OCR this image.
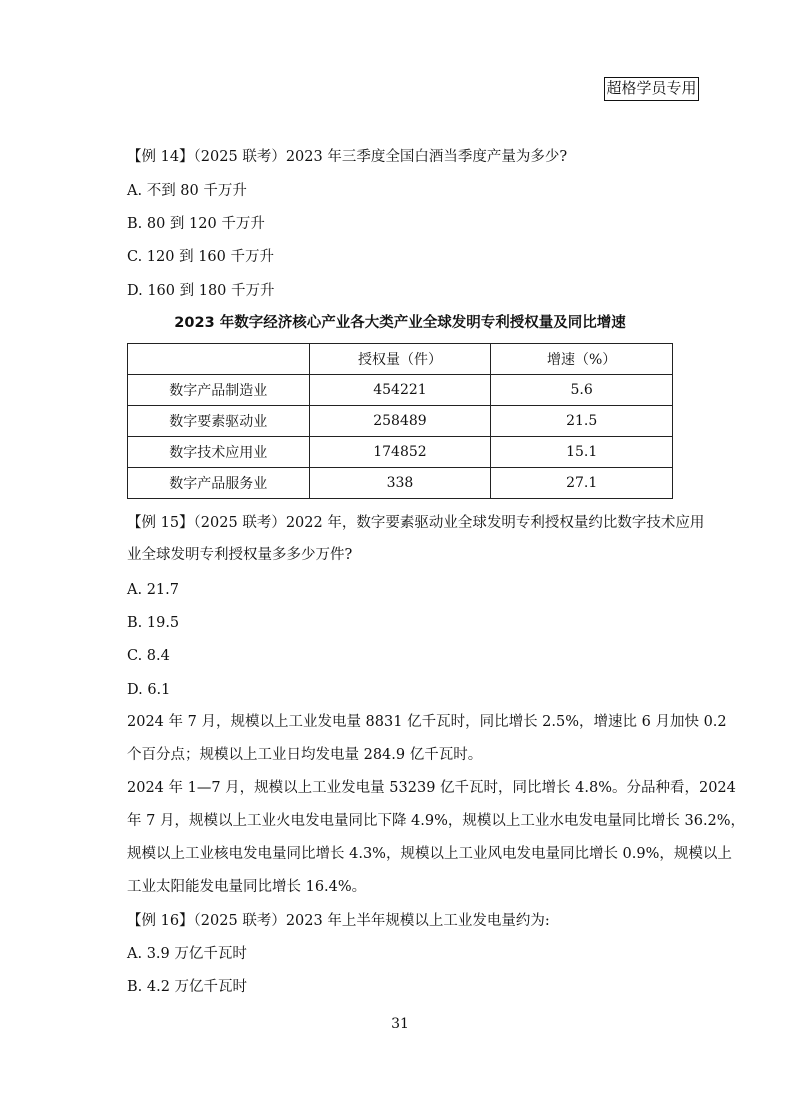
超格学员专用
【例 14】（2025 联考）2023 年三季度全国白酒当季度产量为多少?
A. 不到 80 千万升
B. 80 到 120 千万升
C. 120 到 160 千万升
D. 160 到 180 千万升
2023 年数字经济核心产业各大类产业全球发明专利授权量及同比增速
	授权量（件）	增速（%）
数字产品制造业	454221	5.6
数字要素驱动业	258489	21.5
数字技术应用业	174852	15.1
数字产品服务业	338	27.1
【例 15】（2025 联考）2022 年，数字要素驱动业全球发明专利授权量约比数字技术应用
业全球发明专利授权量多多少万件?
A. 21.7
B. 19.5
C. 8.4
D. 6.1
2024 年 7 月，规模以上工业发电量 8831 亿千瓦时，同比增长 2.5%，增速比 6 月加快 0.2
个百分点；规模以上工业日均发电量 284.9 亿千瓦时。
2024 年 1—7 月，规模以上工业发电量 53239 亿千瓦时，同比增长 4.8%。分品种看，2024
年 7 月，规模以上工业火电发电量同比下降 4.9%，规模以上工业水电发电量同比增长 36.2%，
规模以上工业核电发电量同比增长 4.3%，规模以上工业风电发电量同比增长 0.9%，规模以上
工业太阳能发电量同比增长 16.4%。
【例 16】（2025 联考）2023 年上半年规模以上工业发电量约为:
A. 3.9 万亿千瓦时
B. 4.2 万亿千瓦时
31
